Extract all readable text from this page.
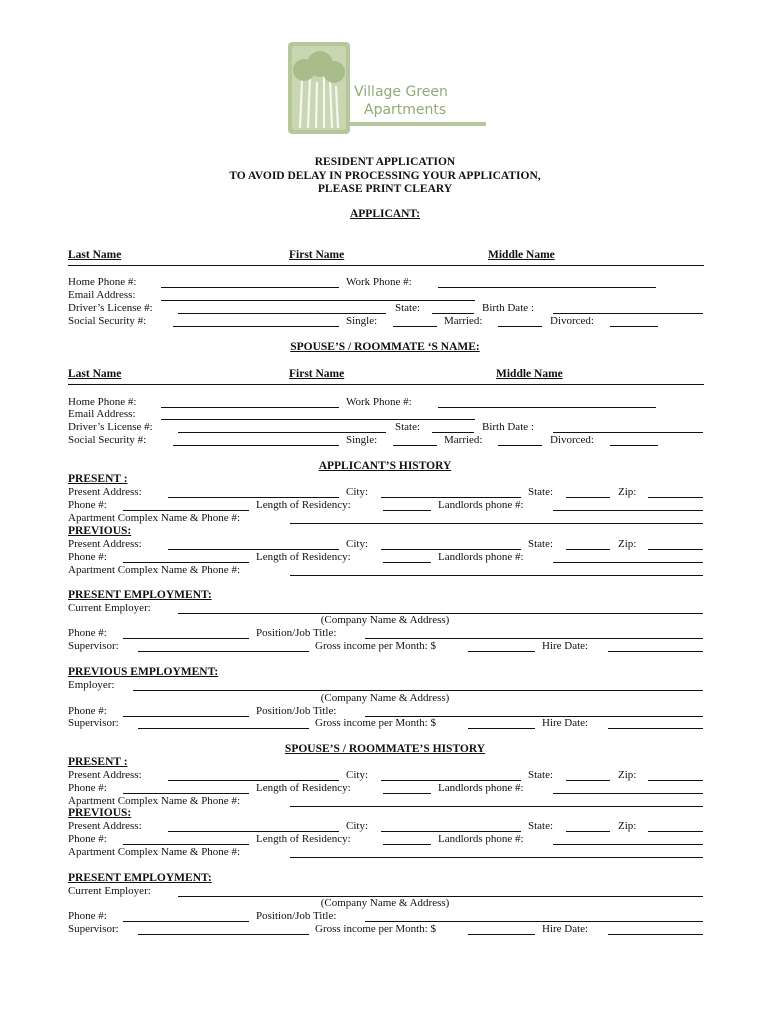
Village Green
Apartments
RESIDENT APPLICATION
TO AVOID DELAY IN PROCESSING YOUR APPLICATION,
PLEASE PRINT CLEARY
APPLICANT:
Last Name	First Name	Middle Name
Home Phone #:	Work Phone #:
Email Address:
Driver’s License #:	State:	Birth Date :
Social Security #:	Single:	Married:	Divorced:
SPOUSE’S / ROOMMATE ‘S NAME:
Last Name	First Name	Middle Name
Home Phone #:	Work Phone #:
Email Address:
Driver’s License #:	State:	Birth Date :
Social Security #:	Single:	Married:	Divorced:
APPLICANT’S HISTORY
PRESENT :
Present Address:	City:	State:	Zip:
Phone #:	Length of Residency:	Landlords phone #:
Apartment Complex Name & Phone #:
PREVIOUS:
Present Address:	City:	State:	Zip:
Phone #:	Length of Residency:	Landlords phone #:
Apartment Complex Name & Phone #:
PRESENT EMPLOYMENT:
Current Employer:
(Company Name & Address)
Phone #:	Position/Job Title:
Supervisor:	Gross income per Month: $	Hire Date:
PREVIOUS EMPLOYMENT:
Employer:
(Company Name & Address)
Phone #:	Position/Job Title:
Supervisor:	Gross income per Month: $	Hire Date:
SPOUSE’S / ROOMMATE’S HISTORY
PRESENT :
Present Address:	City:	State:	Zip:
Phone #:	Length of Residency:	Landlords phone #:
Apartment Complex Name & Phone #:
PREVIOUS:
Present Address:	City:	State:	Zip:
Phone #:	Length of Residency:	Landlords phone #:
Apartment Complex Name & Phone #:
PRESENT EMPLOYMENT:
Current Employer:
(Company Name & Address)
Phone #:	Position/Job Title:
Supervisor:	Gross income per Month: $	Hire Date:
